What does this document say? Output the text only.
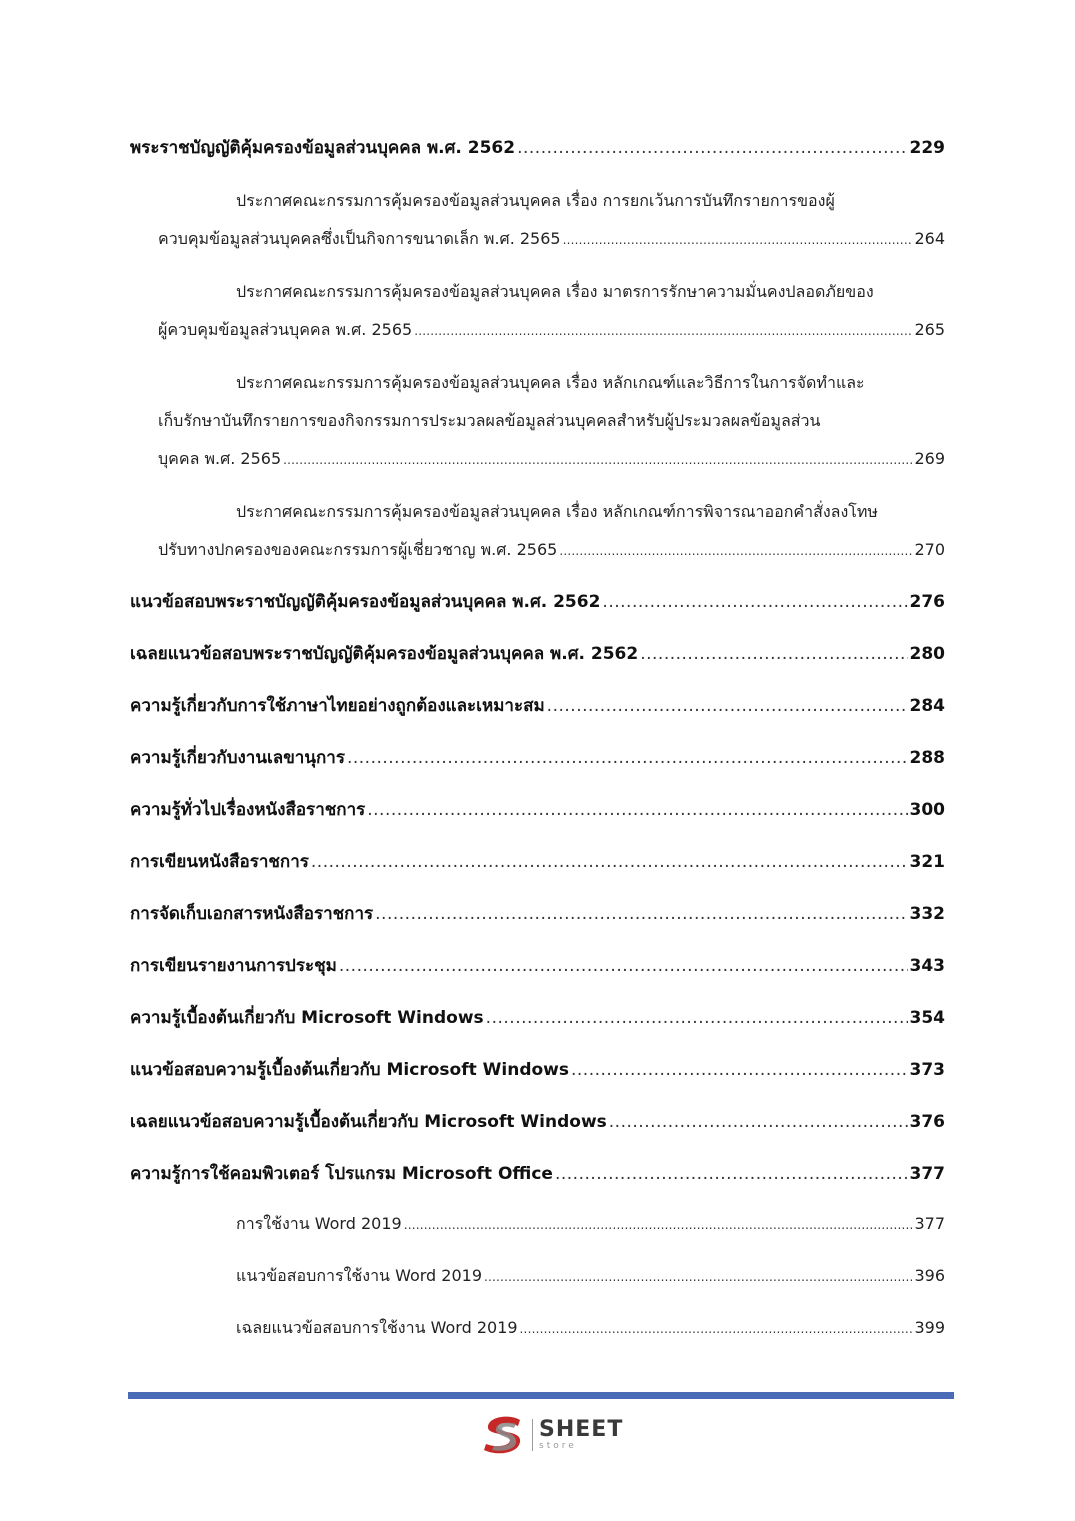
พระราชบัญญัติคุ้มครองข้อมูลส่วนบุคคล พ.ศ. 2562 .....	229
ประกาศคณะกรรมการคุ้มครองข้อมูลส่วนบุคคล เรื่อง การยกเว้นการบันทึกรายการของผู้
ควบคุมข้อมูลส่วนบุคคลซึ่งเป็นกิจการขนาดเล็ก พ.ศ. 2565 .....	264
ประกาศคณะกรรมการคุ้มครองข้อมูลส่วนบุคคล เรื่อง มาตรการรักษาความมั่นคงปลอดภัยของ
ผู้ควบคุมข้อมูลส่วนบุคคล พ.ศ. 2565 .....	265
ประกาศคณะกรรมการคุ้มครองข้อมูลส่วนบุคคล เรื่อง หลักเกณฑ์และวิธีการในการจัดทำและ
เก็บรักษาบันทึกรายการของกิจกรรมการประมวลผลข้อมูลส่วนบุคคลสำหรับผู้ประมวลผลข้อมูลส่วน
บุคคล พ.ศ. 2565 .....	269
ประกาศคณะกรรมการคุ้มครองข้อมูลส่วนบุคคล เรื่อง หลักเกณฑ์การพิจารณาออกคำสั่งลงโทษ
ปรับทางปกครองของคณะกรรมการผู้เชี่ยวชาญ พ.ศ. 2565 .....	270
แนวข้อสอบพระราชบัญญัติคุ้มครองข้อมูลส่วนบุคคล พ.ศ. 2562 .....	276
เฉลยแนวข้อสอบพระราชบัญญัติคุ้มครองข้อมูลส่วนบุคคล พ.ศ. 2562 .....	280
ความรู้เกี่ยวกับการใช้ภาษาไทยอย่างถูกต้องและเหมาะสม .....	284
ความรู้เกี่ยวกับงานเลขานุการ .....	288
ความรู้ทั่วไปเรื่องหนังสือราชการ .....	300
การเขียนหนังสือราชการ .....	321
การจัดเก็บเอกสารหนังสือราชการ .....	332
การเขียนรายงานการประชุม .....	343
ความรู้เบื้องต้นเกี่ยวกับ Microsoft Windows .....	354
แนวข้อสอบความรู้เบื้องต้นเกี่ยวกับ Microsoft Windows .....	373
เฉลยแนวข้อสอบความรู้เบื้องต้นเกี่ยวกับ Microsoft Windows .....	376
ความรู้การใช้คอมพิวเตอร์ โปรแกรม Microsoft Office .....	377
การใช้งาน Word 2019 .....	377
แนวข้อสอบการใช้งาน Word 2019 .....	396
เฉลยแนวข้อสอบการใช้งาน Word 2019 .....	399
SHEET
store
